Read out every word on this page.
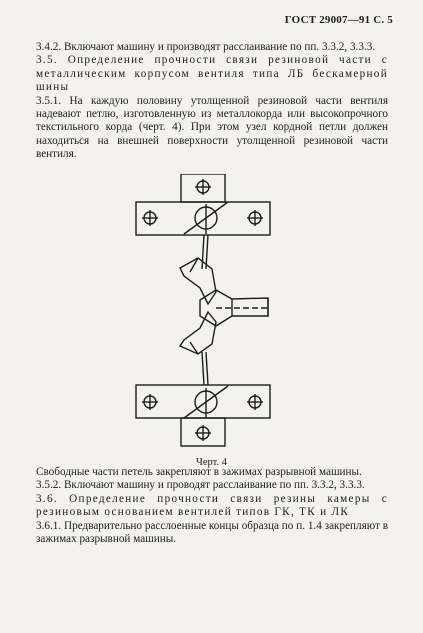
ГОСТ 29007—91 С. 5

3.4.2. Включают машину и производят расслаивание по пп. 3.3.2, 3.3.3.

3.5. Определение прочности связи резиновой части с металлическим корпусом вентиля типа ЛБ бескамерной шины

3.5.1. На каждую половину утолщенной резиновой части вентиля надевают петлю, изготовленную из металлокорда или высокопрочного текстильного корда (черт. 4). При этом узел кордной петли должен находиться на внешней поверхности утолщенной резиновой части вентиля.

Черт. 4

Свободные части петель закрепляют в зажимах разрывной машины.

3.5.2. Включают машину и проводят расслаивание по пп. 3.3.2, 3.3.3.

3.6. Определение прочности связи резины камеры с резиновым основанием вентилей типов ГК, ТК и ЛК

3.6.1. Предварительно расслоенные концы образца по п. 1.4 закрепляют в зажимах разрывной машины.
